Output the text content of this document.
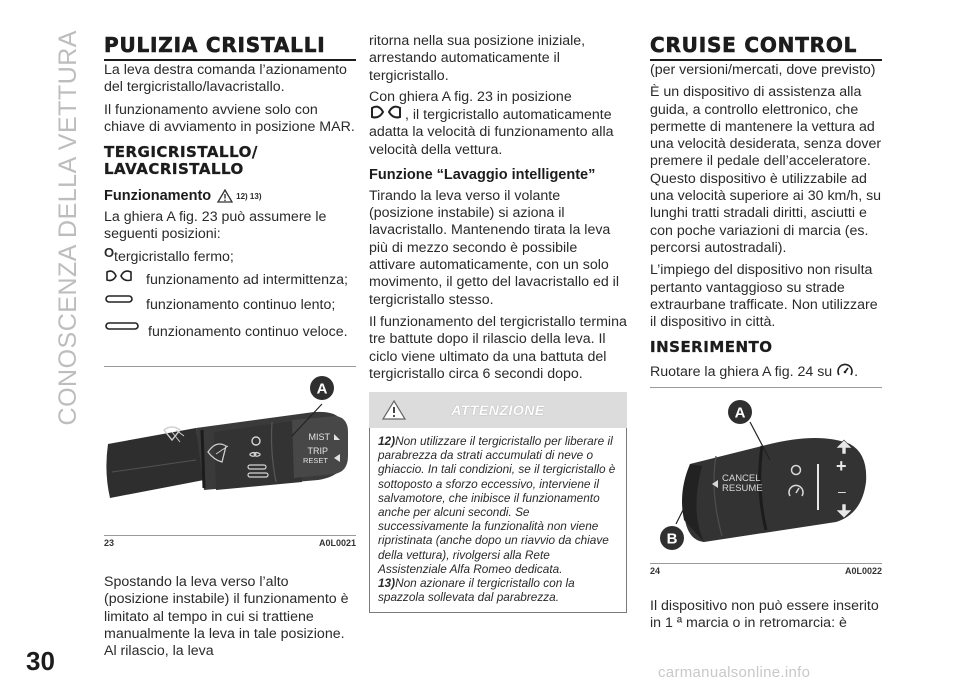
CONOSCENZA DELLA VETTURA
30	carmanualsonline.info
PULIZIA CRISTALLI

La leva destra comanda l’azionamento del tergicristallo/lavacristallo.

Il funzionamento avviene solo con chiave di avviamento in posizione MAR.

TERGICRISTALLO/ LAVACRISTALLO
Funzionamento	12) 13)

La ghiera A fig. 23 può assumere le seguenti posizioni:

O tergicristallo fermo;
funzionamento ad intermittenza;
funzionamento continuo lento;
funzionamento continuo veloce.
MIST
TRIP
RESET
A
23	A0L0021

Spostando la leva verso l’alto (posizione instabile) il funzionamento è limitato al tempo in cui si trattiene manualmente la leva in tale posizione. Al rilascio, la leva

ritorna nella sua posizione iniziale, arrestando automaticamente il tergicristallo.

Con ghiera A fig. 23 in posizione
, il tergicristallo automaticamente adatta la velocità di funzionamento alla velocità della vettura.

Funzione “Lavaggio intelligente”

Tirando la leva verso il volante (posizione instabile) si aziona il lavacristallo. Mantenendo tirata la leva più di mezzo secondo è possibile attivare automaticamente, con un solo movimento, il getto del lavacristallo ed il tergicristallo stesso.

Il funzionamento del tergicristallo termina tre battute dopo il rilascio della leva. Il ciclo viene ultimato da una battuta del tergicristallo circa 6 secondi dopo.

ATTENZIONE

12)Non utilizzare il tergicristallo per liberare il parabrezza da strati accumulati di neve o ghiaccio. In tali condizioni, se il tergicristallo è sottoposto a sforzo eccessivo, interviene il salvamotore, che inibisce il funzionamento anche per alcuni secondi. Se successivamente la funzionalità non viene ripristinata (anche dopo un riavvio da chiave della vettura), rivolgersi alla Rete Assistenziale Alfa Romeo dedicata.

13)Non azionare il tergicristallo con la spazzola sollevata dal parabrezza.

CRUISE CONTROL

(per versioni/mercati, dove previsto)

È un dispositivo di assistenza alla guida, a controllo elettronico, che permette di mantenere la vettura ad una velocità desiderata, senza dover premere il pedale dell’acceleratore. Questo dispositivo è utilizzabile ad una velocità superiore ai 30 km/h, su lunghi tratti stradali diritti, asciutti e con poche variazioni di marcia (es. percorsi autostradali).

L’impiego del dispositivo non risulta pertanto vantaggioso su strade extraurbane trafficate. Non utilizzare il dispositivo in città.

INSERIMENTO

Ruotare la ghiera A fig. 24 su .

CANCEL
RESUME
+
–
A
B
24	A0L0022

Il dispositivo non può essere inserito in 1 ª marcia o in retromarcia: è
